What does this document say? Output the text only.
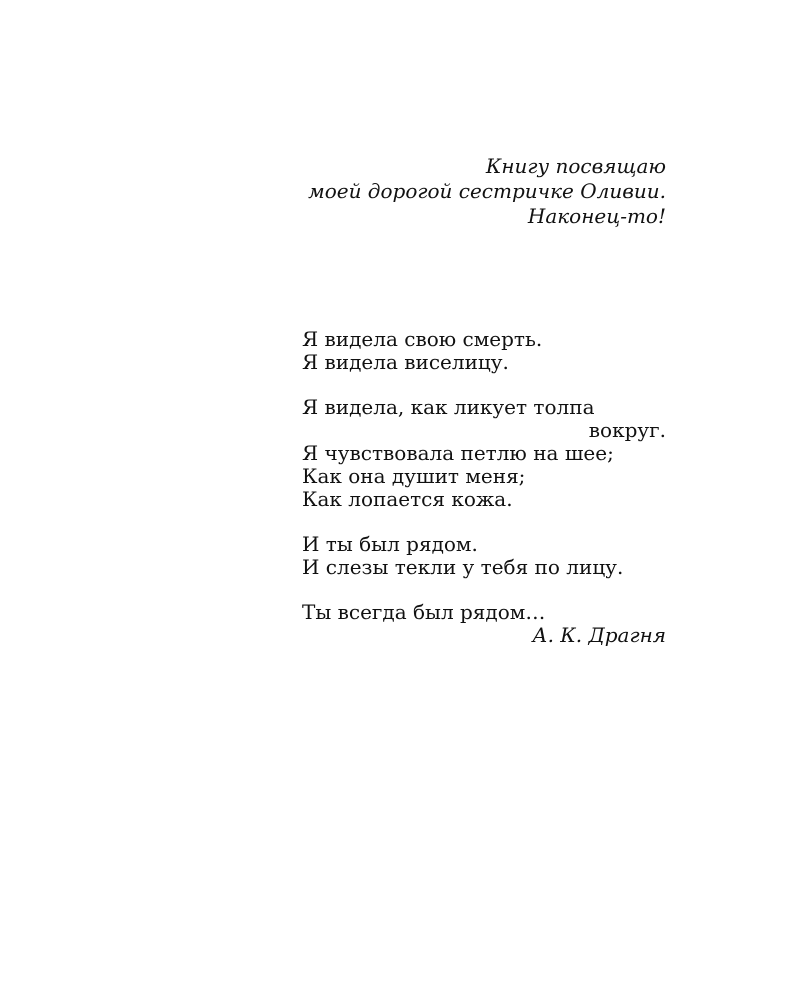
Книгу посвящаю
моей дорогой сестричке Оливии.
Наконец-то!
Я видела свою смерть.
Я видела виселицу.
Я видела, как ликует толпа
вокруг.
Я чувствовала петлю на шее;
Как она душит меня;
Как лопается кожа.
И ты был рядом.
И слезы текли у тебя по лицу.
Ты всегда был рядом…
А. К. Драгня
